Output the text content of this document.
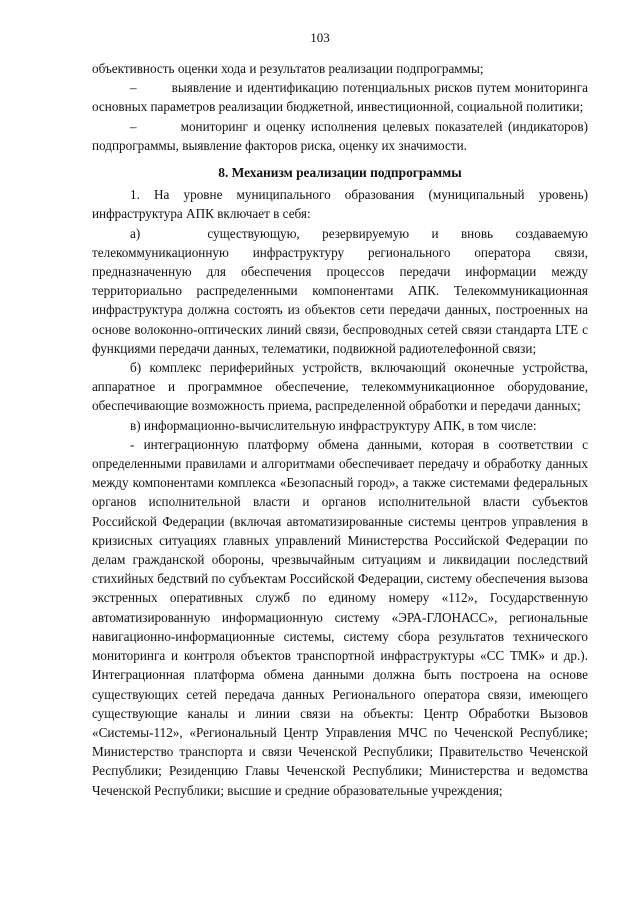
103

объективность оценки хода и результатов реализации подпрограммы;

–        выявление и идентификацию потенциальных рисков путем мониторинга основных параметров реализации бюджетной, инвестиционной, социальной политики;

–        мониторинг и оценку исполнения целевых показателей (индикаторов) подпрограммы, выявление факторов риска, оценку их значимости.

8. Механизм реализации подпрограммы

1. На уровне муниципального образования (муниципальный уровень) инфраструктура АПК включает в себя:

а)   существующую, резервируемую и вновь создаваемую телекоммуникационную инфраструктуру регионального оператора связи, предназначенную для обеспечения процессов передачи информации между территориально распределенными компонентами АПК. Телекоммуникационная инфраструктура должна состоять из объектов сети передачи данных, построенных на основе волоконно-оптических линий связи, беспроводных сетей связи стандарта LTE с функциями передачи данных, телематики, подвижной радиотелефонной связи;

б) комплекс периферийных устройств, включающий оконечные устройства, аппаратное и программное обеспечение, телекоммуникационное оборудование, обеспечивающие возможность приема, распределенной обработки и передачи данных;

в) информационно-вычислительную инфраструктуру АПК, в том числе:

- интеграционную платформу обмена данными, которая в соответствии с определенными правилами и алгоритмами обеспечивает передачу и обработку данных между компонентами комплекса «Безопасный город», а также системами федеральных органов исполнительной власти и органов исполнительной власти субъектов Российской Федерации (включая автоматизированные системы центров управления в кризисных ситуациях главных управлений Министерства Российской Федерации по делам гражданской обороны, чрезвычайным ситуациям и ликвидации последствий стихийных бедствий по субъектам Российской Федерации, систему обеспечения вызова экстренных оперативных служб по единому номеру «112», Государственную автоматизированную информационную систему «ЭРА-ГЛОНАСС», региональные навигационно-информационные системы, систему сбора результатов технического мониторинга и контроля объектов транспортной инфраструктуры «СС ТМК» и др.). Интеграционная платформа обмена данными должна быть построена на основе существующих сетей передача данных Регионального оператора связи, имеющего существующие каналы и линии связи на объекты: Центр Обработки Вызовов «Системы-112», «Региональный Центр Управления МЧС по Чеченской Республике; Министерство транспорта и связи Чеченской Республики; Правительство Чеченской Республики; Резиденцию Главы Чеченской Республики; Министерства и ведомства Чеченской Республики; высшие и средние образовательные учреждения;
